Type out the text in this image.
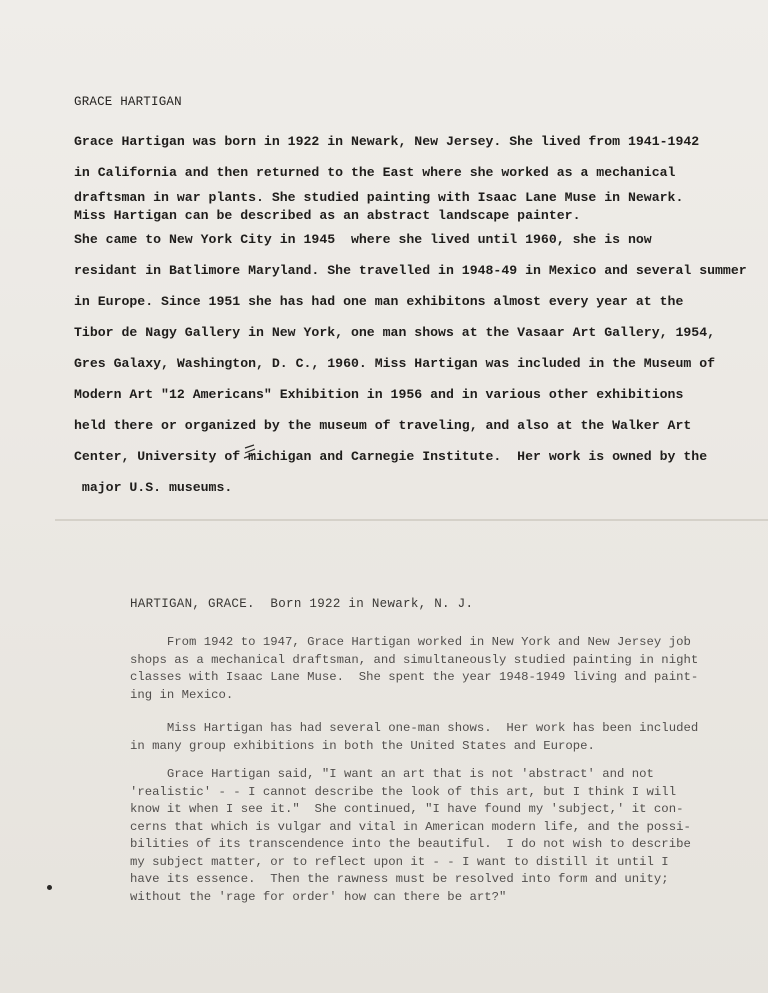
GRACE HARTIGAN
Grace Hartigan was born in 1922 in Newark, New Jersey. She lived from 1941-1942
in California and then returned to the East where she worked as a mechanical
draftsman in war plants. She studied painting with Isaac Lane Muse in Newark.
Miss Hartigan can be described as an abstract landscape painter.
She came to New York City in 1945  where she lived until 1960, she is now
residant in Batlimore Maryland. She travelled in 1948-49 in Mexico and several summer
in Europe. Since 1951 she has had one man exhibitons almost every year at the
Tibor de Nagy Gallery in New York, one man shows at the Vasaar Art Gallery, 1954,
Gres Galaxy, Washington, D. C., 1960. Miss Hartigan was included in the Museum of
Modern Art "12 Americans" Exhibition in 1956 and in various other exhibitions
held there or organized by the museum of traveling, and also at the Walker Art
Center, University of michigan and Carnegie Institute.  Her work is owned by the
major U.S. museums.
HARTIGAN, GRACE.  Born 1922 in Newark, N. J.
From 1942 to 1947, Grace Hartigan worked in New York and New Jersey job
shops as a mechanical draftsman, and simultaneously studied painting in night
classes with Isaac Lane Muse.  She spent the year 1948-1949 living and paint-
ing in Mexico.
Miss Hartigan has had several one-man shows.  Her work has been included
in many group exhibitions in both the United States and Europe.
Grace Hartigan said, "I want an art that is not 'abstract' and not
'realistic' - - I cannot describe the look of this art, but I think I will
know it when I see it."  She continued, "I have found my 'subject,' it con-
cerns that which is vulgar and vital in American modern life, and the possi-
bilities of its transcendence into the beautiful.  I do not wish to describe
my subject matter, or to reflect upon it - - I want to distill it until I
have its essence.  Then the rawness must be resolved into form and unity;
without the 'rage for order' how can there be art?"
